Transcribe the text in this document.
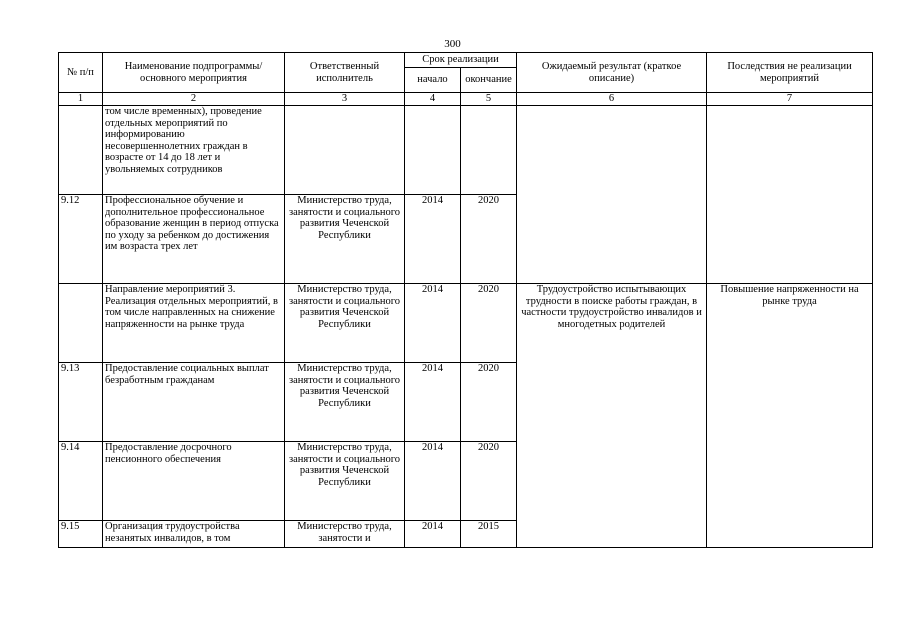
300
№ п/п	Наименование подпрограммы/ основного мероприятия	Ответственный исполнитель	Срок реализации		Ожидаемый результат (краткое описание)	Последствия не реализации мероприятий
			начало	окончание		
1	2	3	4	5	6	7
	том числе временных), проведение отдельных мероприятий по информированию несовершеннолетних граждан в возрасте от 14 до 18 лет и увольняемых сотрудников					
9.12	Профессиональное обучение и дополнительное профессиональное образование женщин в период отпуска по уходу за ребенком до достижения им возраста трех лет	Министерство труда, занятости и социального развития Чеченской Республики	2014	2020		
	Направление мероприятий 3. Реализация отдельных мероприятий, в том числе направленных на снижение напряженности на рынке труда	Министерство труда, занятости и социального развития Чеченской Республики	2014	2020	Трудоустройство испытывающих трудности в поиске работы граждан, в частности трудоустройство инвалидов и многодетных родителей	Повышение напряженности на рынке труда
9.13	Предоставление социальных выплат безработным гражданам	Министерство труда, занятости и социального развития Чеченской Республики	2014	2020		
9.14	Предоставление досрочного пенсионного обеспечения	Министерство труда, занятости и социального развития Чеченской Республики	2014	2020		
9.15	Организация трудоустройства незанятых инвалидов, в том	Министерство труда, занятости и	2014	2015		
